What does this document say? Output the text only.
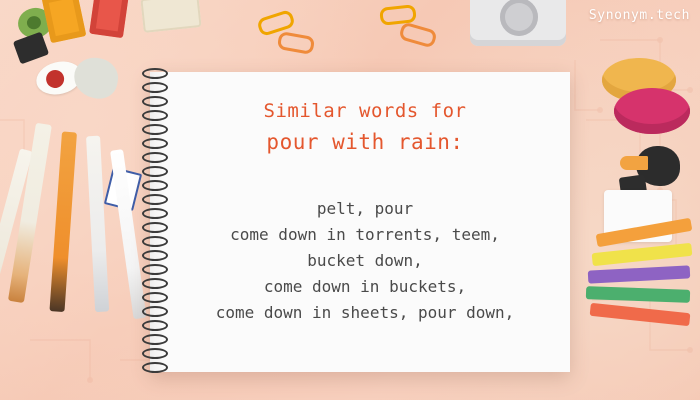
Similar words for
pour with rain:
pelt, pour
come down in torrents, teem,
bucket down,
come down in buckets,
come down in sheets, pour down,
Synonym.tech
